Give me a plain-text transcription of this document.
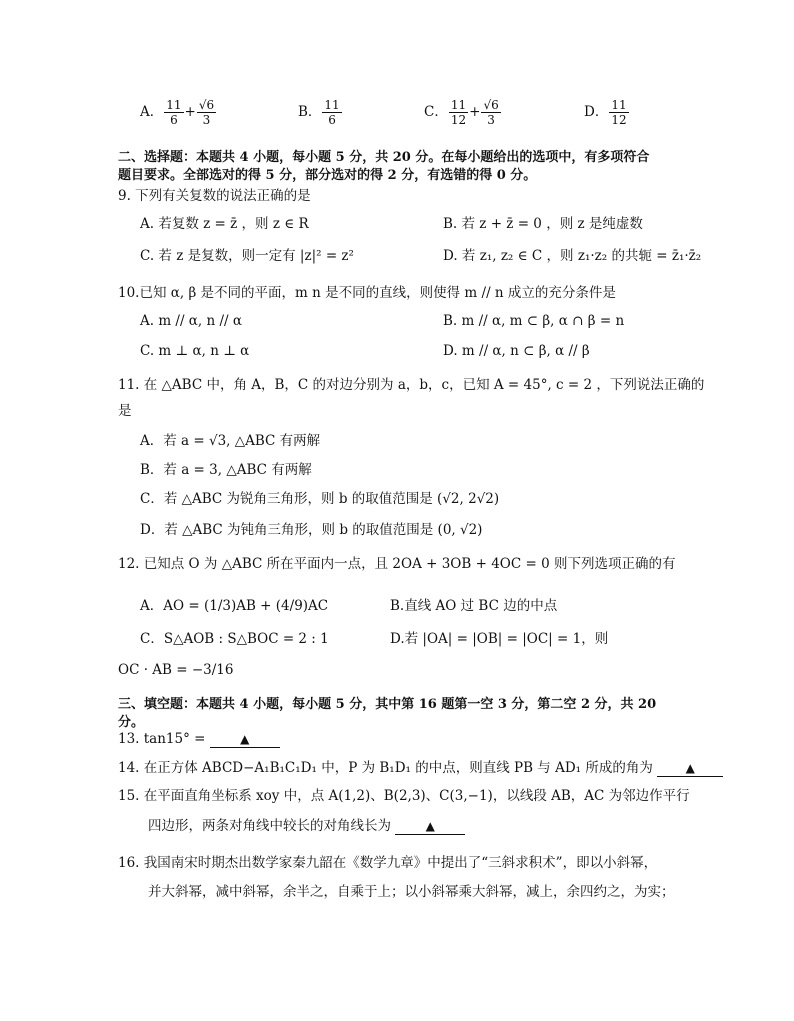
A． $\frac{11}{6} + \frac{√6}{3}$	B． $\frac{11}{6}$	C． $\frac{11}{12} + \frac{√6}{3}$	D． $\frac{11}{12}$
二、选择题：本题共 4 小题，每小题 5 分，共 20 分。在每小题给出的选项中，有多项符合
题目要求。全部选对的得 5 分，部分选对的得 2 分，有选错的得 0 分。
9. 下列有关复数的说法正确的是
A. 若复数 z = z̄ ，则 z ∈ R	B. 若 z + z̄ = 0 ，则 z 是纯虚数
C. 若 z 是复数，则一定有 |z|² = z²	D. 若 z₁, z₂ ∈ C ，则 z₁·z₂ 的共轭 = z̄₁·z̄₂
10.已知 α, β 是不同的平面，m n 是不同的直线，则使得 m // n 成立的充分条件是
A. m // α, n // α	B. m // α, m ⊂ β, α ∩ β = n
C. m ⊥ α, n ⊥ α	D. m // α, n ⊂ β, α // β
11. 在 △ABC 中，角 A，B，C 的对边分别为 a，b，c，已知 A = 45°, c = 2 ，下列说法正确的
是
A．若 a = √3, △ABC 有两解
B．若 a = 3, △ABC 有两解
C．若 △ABC 为锐角三角形，则 b 的取值范围是 (√2, 2√2)
D．若 △ABC 为钝角三角形，则 b 的取值范围是 (0, √2)
12. 已知点 O 为 △ABC 所在平面内一点，且 2OA + 3OB + 4OC = 0 则下列选项正确的有
A．AO = (1/3)AB + (4/9)AC	B.直线 AO 过 BC 边的中点
C．S△AOB : S△BOC = 2 : 1	D.若 |OA| = |OB| = |OC| = 1，则
OC · AB = −3/16
三、填空题：本题共 4 小题，每小题 5 分，其中第 16 题第一空 3 分，第二空 2 分，共 20
分。
13. tan15° =	▲
14. 在正方体 ABCD−A₁B₁C₁D₁ 中，P 为 B₁D₁ 的中点，则直线 PB 与 AD₁ 所成的角为	▲
15. 在平面直角坐标系 xoy 中，点 A(1,2)、B(2,3)、C(3,−1)，以线段 AB，AC 为邻边作平行
四边形，两条对角线中较长的对角线长为	▲
16. 我国南宋时期杰出数学家秦九韶在《数学九章》中提出了“三斜求积术”，即以小斜幂，
并大斜幂，减中斜幂，余半之，自乘于上；以小斜幂乘大斜幂，减上，余四约之，为实；
